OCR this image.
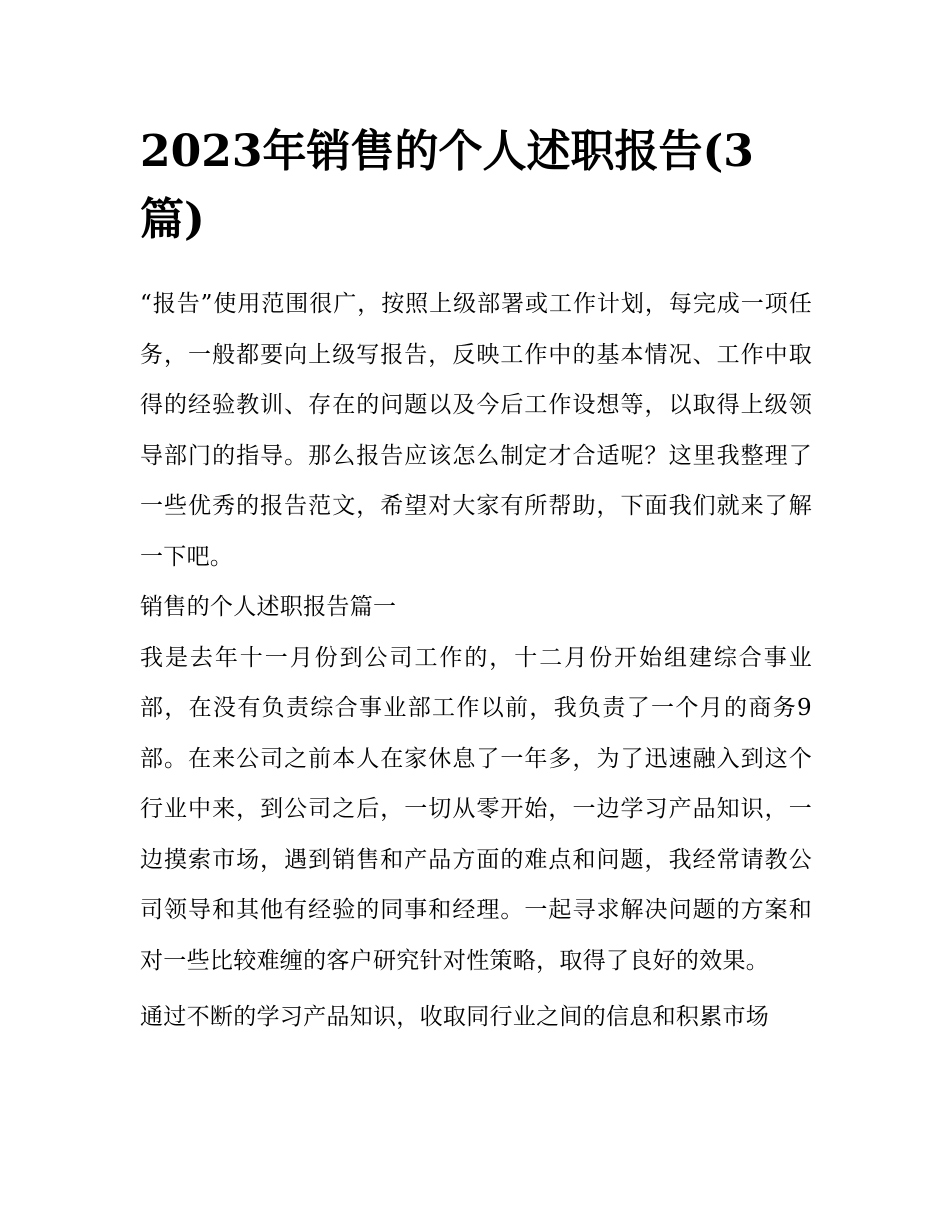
2023年销售的个人述职报告(3篇)

“报告”使用范围很广，按照上级部署或工作计划，每完成一项任务，一般都要向上级写报告，反映工作中的基本情况、工作中取得的经验教训、存在的问题以及今后工作设想等，以取得上级领导部门的指导。那么报告应该怎么制定才合适呢？这里我整理了一些优秀的报告范文，希望对大家有所帮助，下面我们就来了解一下吧。

销售的个人述职报告篇一

我是去年十一月份到公司工作的，十二月份开始组建综合事业部，在没有负责综合事业部工作以前，我负责了一个月的商务9部。在来公司之前本人在家休息了一年多，为了迅速融入到这个行业中来，到公司之后，一切从零开始，一边学习产品知识，一边摸索市场，遇到销售和产品方面的难点和问题，我经常请教公司领导和其他有经验的同事和经理。一起寻求解决问题的方案和对一些比较难缠的客户研究针对性策略，取得了良好的效果。

通过不断的学习产品知识，收取同行业之间的信息和积累市场
